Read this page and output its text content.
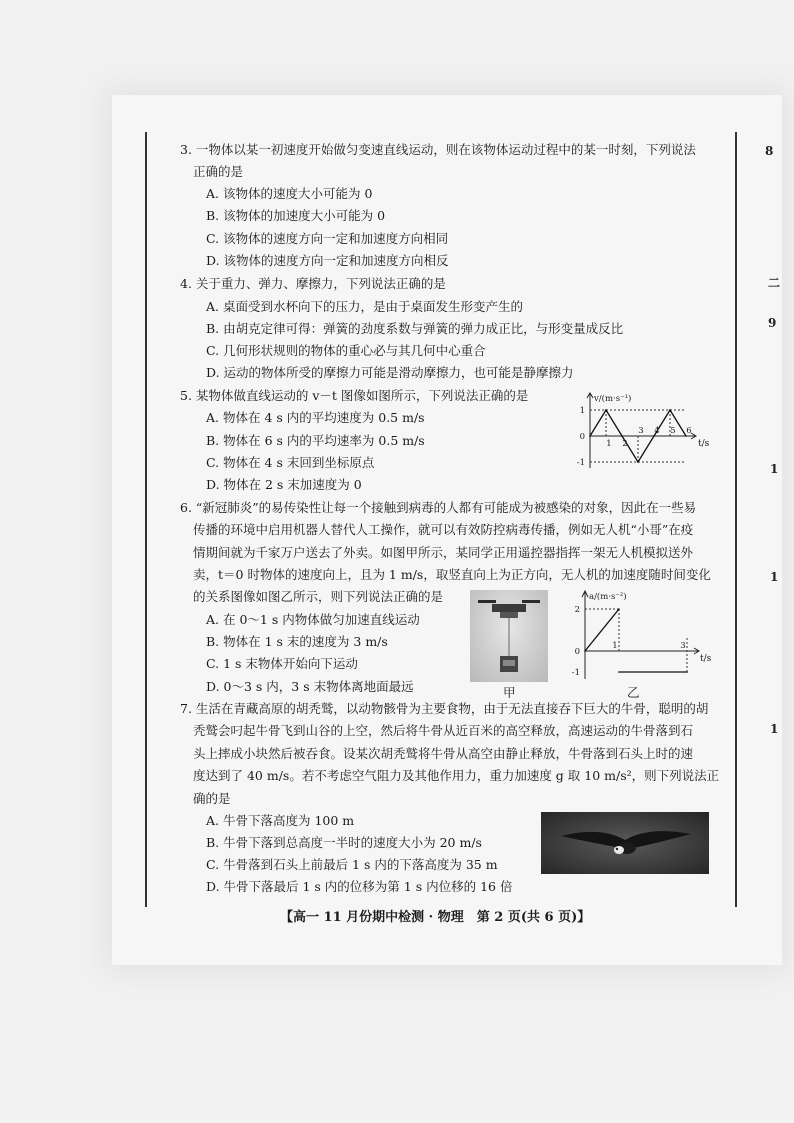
8
二
9
1
1
1
3. 一物体以某一初速度开始做匀变速直线运动，则在该物体运动过程中的某一时刻，下列说法
正确的是
A. 该物体的速度大小可能为 0
B. 该物体的加速度大小可能为 0
C. 该物体的速度方向一定和加速度方向相同
D. 该物体的速度方向一定和加速度方向相反
4. 关于重力、弹力、摩擦力，下列说法正确的是
A. 桌面受到水杯向下的压力，是由于桌面发生形变产生的
B. 由胡克定律可得：弹簧的劲度系数与弹簧的弹力成正比，与形变量成反比
C. 几何形状规则的物体的重心必与其几何中心重合
D. 运动的物体所受的摩擦力可能是滑动摩擦力，也可能是静摩擦力
5. 某物体做直线运动的 v－t 图像如图所示，下列说法正确的是
A. 物体在 4 s 内的平均速度为 0.5 m/s
B. 物体在 6 s 内的平均速率为 0.5 m/s
C. 物体在 4 s 末回到坐标原点
D. 物体在 2 s 末加速度为 0
v/(m·s⁻¹)
t/s
1 2
3 4 5 6
1
0
-1
6. “新冠肺炎”的易传染性让每一个接触到病毒的人都有可能成为被感染的对象，因此在一些易
传播的环境中启用机器人替代人工操作，就可以有效防控病毒传播，例如无人机“小哥”在疫
情期间就为千家万户送去了外卖。如图甲所示，某同学正用遥控器指挥一架无人机模拟送外
卖，t＝0 时物体的速度向上，且为 1 m/s，取竖直向上为正方向，无人机的加速度随时间变化
的关系图像如图乙所示，则下列说法正确的是
A. 在 0～1 s 内物体做匀加速直线运动
B. 物体在 1 s 末的速度为 3 m/s
C. 1 s 末物体开始向下运动
D. 0～3 s 内，3 s 末物体离地面最远	甲
a/(m·s⁻²)
t/s
1	3
2
0
-1
乙
7. 生活在青藏高原的胡秃鹫，以动物骸骨为主要食物，由于无法直接吞下巨大的牛骨，聪明的胡
秃鹫会叼起牛骨飞到山谷的上空，然后将牛骨从近百米的高空释放，高速运动的牛骨落到石
头上摔成小块然后被吞食。设某次胡秃鹫将牛骨从高空由静止释放，牛骨落到石头上时的速
度达到了 40 m/s。若不考虑空气阻力及其他作用力，重力加速度 g 取 10 m/s²，则下列说法正
确的是
A. 牛骨下落高度为 100 m
B. 牛骨下落到总高度一半时的速度大小为 20 m/s
C. 牛骨落到石头上前最后 1 s 内的下落高度为 35 m
D. 牛骨下落最后 1 s 内的位移为第 1 s 内位移的 16 倍
【高一 11 月份期中检测 · 物理　第 2 页(共 6 页)】
